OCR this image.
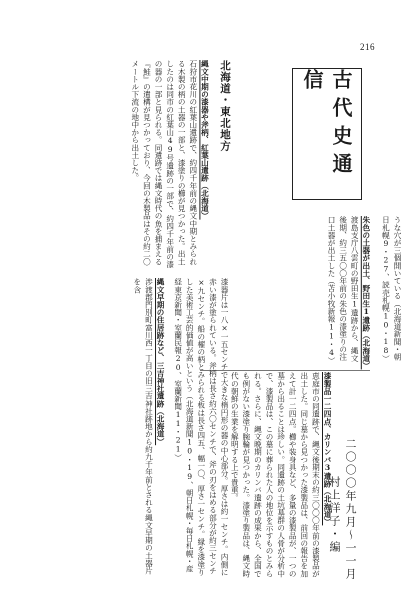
216
古代史通信

うな穴が三個開いている（北海道新聞・朝日札幌9・27、読売札幌10・18）

朱色の土器が出土、野田生1遺跡（北海道）

渡島支庁八雲町の野田生1遺跡から、縄文後期、約三五〇〇年前の朱色の漆塗りの注口土器が出土した（苫小牧新報11・4）

漆製品一二四点、カリンバ3遺跡（北海道）

恵庭市の同遺跡で、縄文後期末の約三〇〇〇年前の漆製品が出土した。同じ墓から見つかった漆製品は、前回の報告を加えて計一二四点。櫛や装身具など、多量の漆製品が、一つの墓から出ることは珍しい。同遺跡の土坑墓群の人骨が分析中で、漆製品は、この墓に葬られた人の地位を示すものとみられる。さらに、縄文晩期のカリンバ遺跡の成果から、全国でも例がない漆塗り腕輪が見つかった。漆塗り製品は、縄文時代の朝鮮の生業を解明する上で貴重。

二〇〇〇年九月～一一月
村上洋子・編

北海道・東北地方

縄文中期の漆器や斧柄、紅葉山遺跡（北海道）

石狩市花川の紅葉山遺跡で、約四千年前の縄文中期とみられる木製の柄の土器の一部と、漆塗りの櫛が見つかった。出土したのは同市の紅葉山49号遺跡の一部で、約四千年前の漆の器の一部と見られる。同遺跡では縄文時代の魚を捕まえる『鮭』の遺構が見つかっており、今回の木製品はその約二〇メートル下流の地中から出土した。

漆器片は一八×一五センチで大きな楕円形の器の中心部分。厚さは約一センチ。内側に赤い漆が塗られている。斧柄は長さ約六〇センチで、斧の刃をはめる部分が約三センチ×九センチ。船の櫂の柄とみられる板は長さ四五、幅一〇、厚さ一センチ。縁を漆塗りした美術工芸的価値が高いという（北海道新聞10・19、朝日札幌・毎日札幌・産経東京新聞・室蘭民報20、室蘭新聞11・21）

縄文早期の住居跡など、三吉神社遺跡（北海道）

渉渡郡門別町富川西一丁目の旧三吉神社跡地から約九千年前とされる縄文早期の土器片を含
